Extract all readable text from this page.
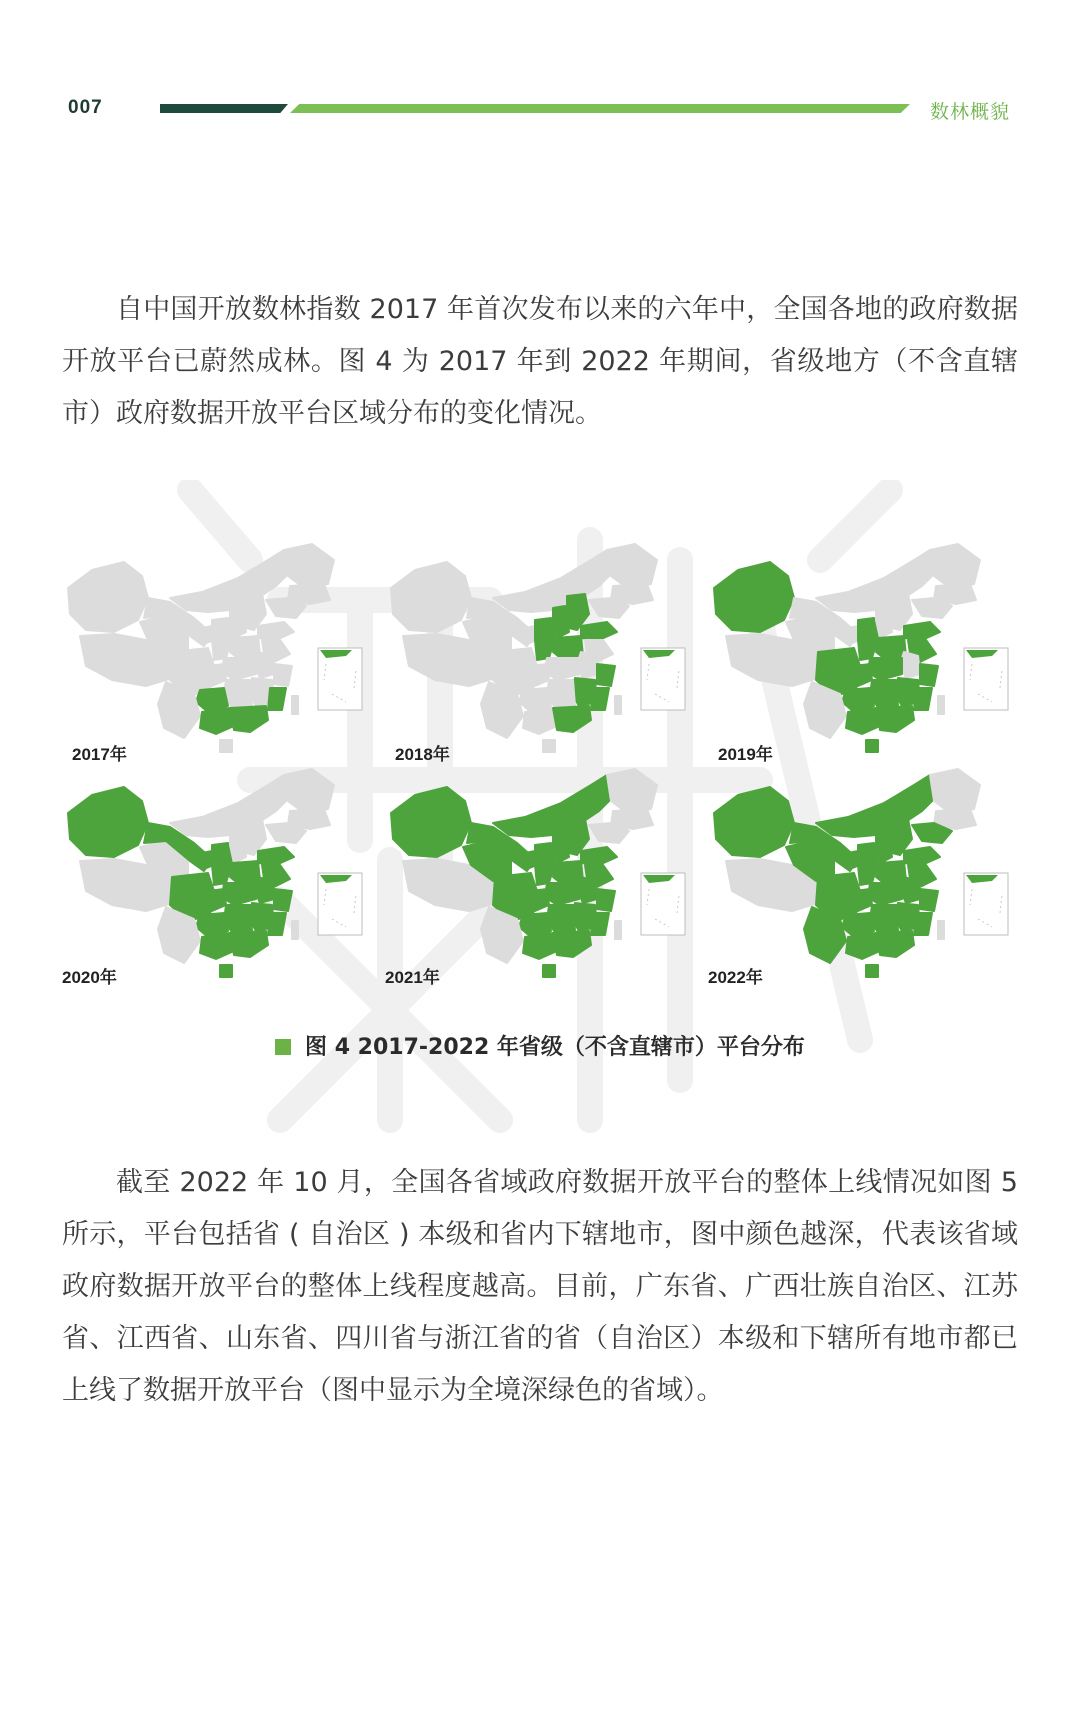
007	数林概貌

自中国开放数林指数 2017 年首次发布以来的六年中，全国各地的政府数据开放平台已蔚然成林。图 4 为 2017 年到 2022 年期间，省级地方（不含直辖市）政府数据开放平台区域分布的变化情况。

2017年	2018年	2019年
2020年	2021年	2022年
图 4 2017-2022 年省级（不含直辖市）平台分布

截至 2022 年 10 月，全国各省域政府数据开放平台的整体上线情况如图 5 所示，平台包括省 ( 自治区 ) 本级和省内下辖地市，图中颜色越深，代表该省域政府数据开放平台的整体上线程度越高。目前，广东省、广西壮族自治区、江苏省、江西省、山东省、四川省与浙江省的省（自治区）本级和下辖所有地市都已上线了数据开放平台（图中显示为全境深绿色的省域）。
